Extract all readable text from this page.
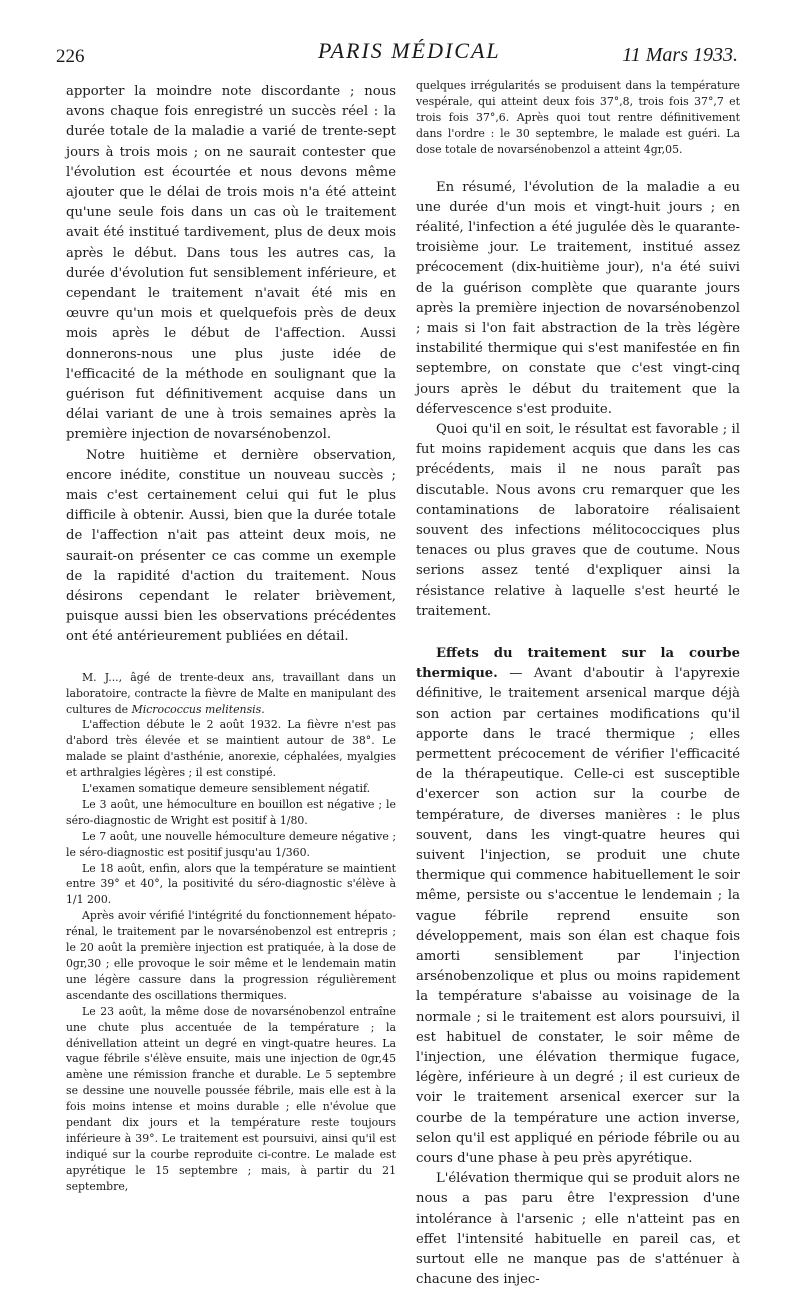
226	PARIS MÉDICAL	11 Mars 1933.

apporter la moindre note discordante ; nous avons chaque fois enregistré un succès réel : la durée totale de la maladie a varié de trente-sept jours à trois mois ; on ne saurait contester que l'évolution est écourtée et nous devons même ajouter que le délai de trois mois n'a été atteint qu'une seule fois dans un cas où le traitement avait été institué tardivement, plus de deux mois après le début. Dans tous les autres cas, la durée d'évolution fut sensiblement inférieure, et cependant le traitement n'avait été mis en œuvre qu'un mois et quelquefois près de deux mois après le début de l'affection. Aussi donnerons-nous une plus juste idée de l'efficacité de la méthode en soulignant que la guérison fut définitivement acquise dans un délai variant de une à trois semaines après la première injection de novarsénobenzol.

Notre huitième et dernière observation, encore inédite, constitue un nouveau succès ; mais c'est certainement celui qui fut le plus difficile à obtenir. Aussi, bien que la durée totale de l'affection n'ait pas atteint deux mois, ne saurait-on présenter ce cas comme un exemple de la rapidité d'action du traitement. Nous désirons cependant le relater brièvement, puisque aussi bien les observations précédentes ont été antérieurement publiées en détail.

M. J..., âgé de trente-deux ans, travaillant dans un laboratoire, contracte la fièvre de Malte en manipulant des cultures de Micrococcus melitensis.

L'affection débute le 2 août 1932. La fièvre n'est pas d'abord très élevée et se maintient autour de 38°. Le malade se plaint d'asthénie, anorexie, céphalées, myalgies et arthralgies légères ; il est constipé.

L'examen somatique demeure sensiblement négatif.

Le 3 août, une hémoculture en bouillon est négative ; le séro-diagnostic de Wright est positif à 1/80.

Le 7 août, une nouvelle hémoculture demeure négative ; le séro-diagnostic est positif jusqu'au 1/360.

Le 18 août, enfin, alors que la température se maintient entre 39° et 40°, la positivité du séro-diagnostic s'élève à 1/1 200.

Après avoir vérifié l'intégrité du fonctionnement hépato-rénal, le traitement par le novarsénobenzol est entrepris ; le 20 août la première injection est pratiquée, à la dose de 0gr,30 ; elle provoque le soir même et le lendemain matin une légère cassure dans la progression régulièrement ascendante des oscillations thermiques.

Le 23 août, la même dose de novarsénobenzol entraîne une chute plus accentuée de la température ; la dénivellation atteint un degré en vingt-quatre heures. La vague fébrile s'élève ensuite, mais une injection de 0gr,45 amène une rémission franche et durable. Le 5 septembre se dessine une nouvelle poussée fébrile, mais elle est à la fois moins intense et moins durable ; elle n'évolue que pendant dix jours et la température reste toujours inférieure à 39°. Le traitement est poursuivi, ainsi qu'il est indiqué sur la courbe reproduite ci-contre. Le malade est apyrétique le 15 septembre ; mais, à partir du 21 septembre,

quelques irrégularités se produisent dans la température vespérale, qui atteint deux fois 37°,8, trois fois 37°,7 et trois fois 37°,6. Après quoi tout rentre définitivement dans l'ordre : le 30 septembre, le malade est guéri. La dose totale de novarsénobenzol a atteint 4gr,05.

En résumé, l'évolution de la maladie a eu une durée d'un mois et vingt-huit jours ; en réalité, l'infection a été jugulée dès le quarante-troisième jour. Le traitement, institué assez précocement (dix-huitième jour), n'a été suivi de la guérison complète que quarante jours après la première injection de novarsénobenzol ; mais si l'on fait abstraction de la très légère instabilité thermique qui s'est manifestée en fin septembre, on constate que c'est vingt-cinq jours après le début du traitement que la défervescence s'est produite.

Quoi qu'il en soit, le résultat est favorable ; il fut moins rapidement acquis que dans les cas précédents, mais il ne nous paraît pas discutable. Nous avons cru remarquer que les contaminations de laboratoire réalisaient souvent des infections mélitococciques plus tenaces ou plus graves que de coutume. Nous serions assez tenté d'expliquer ainsi la résistance relative à laquelle s'est heurté le traitement.

Effets du traitement sur la courbe thermique. — Avant d'aboutir à l'apyrexie définitive, le traitement arsenical marque déjà son action par certaines modifications qu'il apporte dans le tracé thermique ; elles permettent précocement de vérifier l'efficacité de la thérapeutique. Celle-ci est susceptible d'exercer son action sur la courbe de température, de diverses manières : le plus souvent, dans les vingt-quatre heures qui suivent l'injection, se produit une chute thermique qui commence habituellement le soir même, persiste ou s'accentue le lendemain ; la vague fébrile reprend ensuite son développement, mais son élan est chaque fois amorti sensiblement par l'injection arsénobenzolique et plus ou moins rapidement la température s'abaisse au voisinage de la normale ; si le traitement est alors poursuivi, il est habituel de constater, le soir même de l'injection, une élévation thermique fugace, légère, inférieure à un degré ; il est curieux de voir le traitement arsenical exercer sur la courbe de la température une action inverse, selon qu'il est appliqué en période fébrile ou au cours d'une phase à peu près apyrétique.

L'élévation thermique qui se produit alors ne nous a pas paru être l'expression d'une intolérance à l'arsenic ; elle n'atteint pas en effet l'intensité habituelle en pareil cas, et surtout elle ne manque pas de s'atténuer à chacune des injec-
